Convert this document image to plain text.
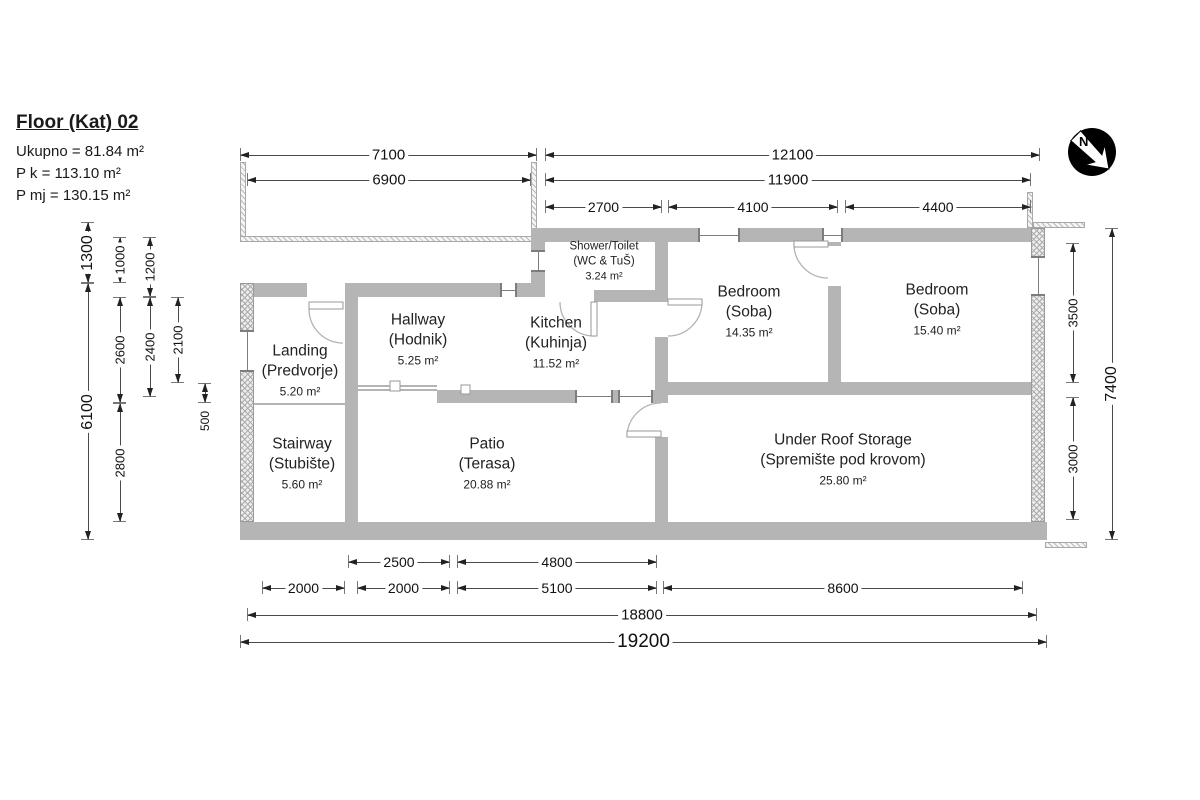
Floor (Kat) 02
Ukupno = 81.84 m²
P k = 113.10 m²
P mj = 130.15 m²
Landing
(Predvorje)
5.20 m²
Stairway
(Stubište)
5.60 m²
Hallway
(Hodnik)
5.25 m²
Kitchen
(Kuhinja)
11.52 m²
Shower/Toilet
(WC & TuŠ)
3.24 m²
Patio
(Terasa)
20.88 m²
Bedroom
(Soba)
14.35 m²
Bedroom
(Soba)
15.40 m²
Under Roof Storage
(Spremište pod krovom)
25.80 m²
7100
6900
12100
11900
2700	4100	4400
1300
6100
1000
2600
2800
1200
2400 2100
500
3500
3000
7400
2500	4800
2000	2000	5100	8600
18800
19200
N
